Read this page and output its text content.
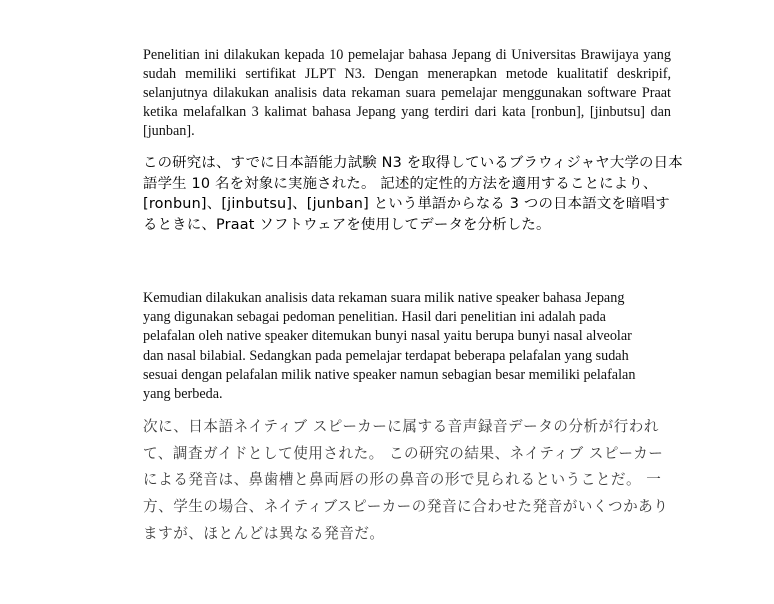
Penelitian ini dilakukan kepada 10 pemelajar bahasa Jepang di Universitas Brawijaya yang sudah memiliki sertifikat JLPT N3. Dengan menerapkan metode kualitatif deskripif, selanjutnya dilakukan analisis data rekaman suara pemelajar menggunakan software Praat ketika melafalkan 3 kalimat bahasa Jepang yang terdiri dari kata [ronbun], [jinbutsu] dan [junban].

この研究は、すでに日本語能力試験 N3 を取得しているブラウィジャヤ大学の日本語学生 10 名を対象に実施された。 記述的定性的方法を適用することにより、[ronbun]、[jinbutsu]、[junban] という単語からなる 3 つの日本語文を暗唱するときに、Praat ソフトウェアを使用してデータを分析した。

Kemudian dilakukan analisis data rekaman suara milik native speaker bahasa Jepang yang digunakan sebagai pedoman penelitian. Hasil dari penelitian ini adalah pada pelafalan oleh native speaker ditemukan bunyi nasal yaitu berupa bunyi nasal alveolar dan nasal bilabial. Sedangkan pada pemelajar terdapat beberapa pelafalan yang sudah sesuai dengan pelafalan milik native speaker namun sebagian besar memiliki pelafalan yang berbeda.

次に、日本語ネイティブ スピーカーに属する音声録音データの分析が行われて、調査ガイドとして使用された。 この研究の結果、ネイティブ スピーカーによる発音は、鼻歯槽と鼻両唇の形の鼻音の形で見られるということだ。 一方、学生の場合、ネイティブスピーカーの発音に合わせた発音がいくつかありますが、ほとんどは異なる発音だ。
